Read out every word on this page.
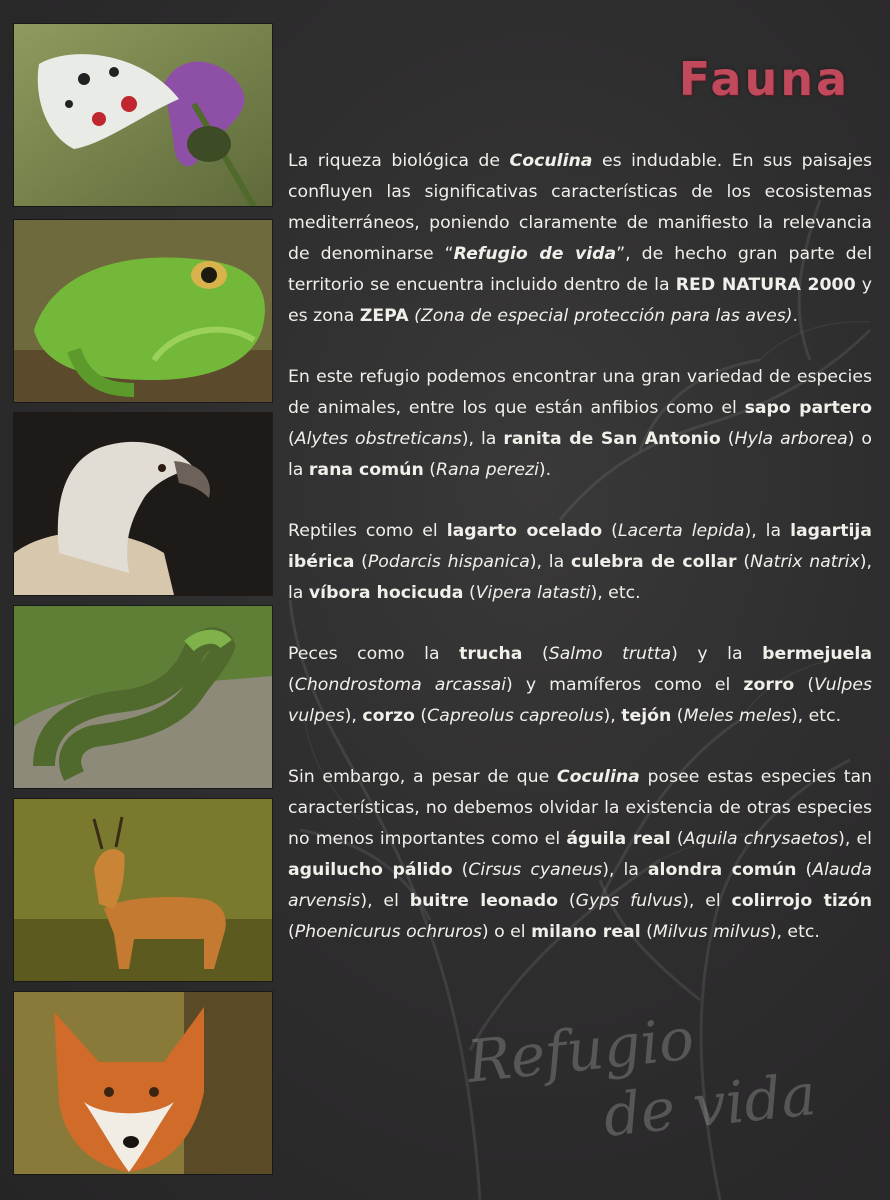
Fauna

La riqueza biológica de Coculina es indudable. En sus paisajes confluyen las significativas características de los ecosistemas mediterráneos, poniendo claramente de manifiesto la relevancia de denominarse “Refugio de vida”, de hecho gran parte del territorio se encuentra incluido dentro de la RED NATURA 2000 y es zona ZEPA (Zona de especial protección para las aves).

En este refugio podemos encontrar una gran variedad de especies de animales, entre los que están anfibios como el sapo partero (Alytes obstreticans), la ranita de San Antonio (Hyla arborea) o la rana común (Rana perezi).

Reptiles como el lagarto ocelado (Lacerta lepida), la lagartija ibérica (Podarcis hispanica), la culebra de collar (Natrix natrix), la víbora hocicuda (Vipera latasti), etc.

Peces como la trucha (Salmo trutta) y la bermejuela (Chondrostoma arcassai) y mamíferos como el zorro (Vulpes vulpes), corzo (Capreolus capreolus), tejón (Meles meles), etc.

Sin embargo, a pesar de que Coculina posee estas especies tan características, no debemos olvidar la existencia de otras especies no menos importantes como el águila real (Aquila chrysaetos), el aguilucho pálido (Cirsus cyaneus), la alondra común (Alauda arvensis), el buitre leonado (Gyps fulvus), el colirrojo tizón (Phoenicurus ochruros) o el milano real (Milvus milvus), etc.

Refugio
de vida
